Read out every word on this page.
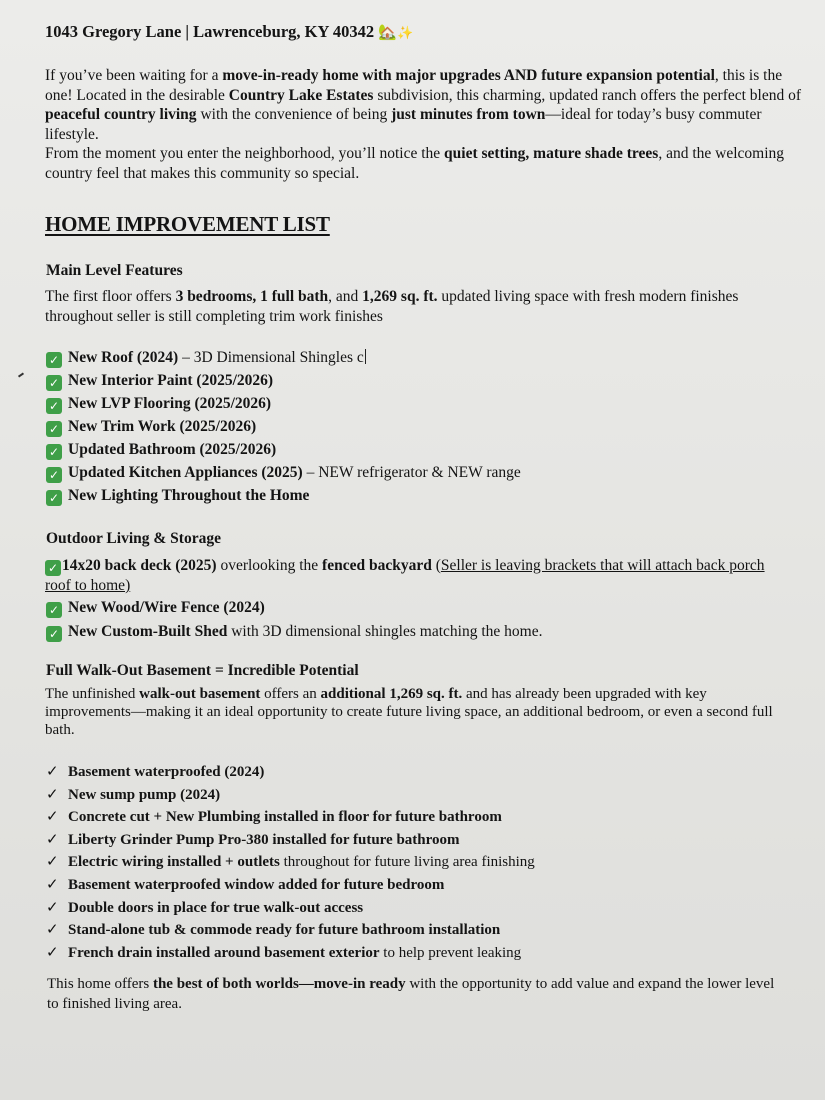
1043 Gregory Lane | Lawrenceburg, KY 40342 🏡✨
If you’ve been waiting for a move-in-ready home with major upgrades AND future expansion potential, this is the one! Located in the desirable Country Lake Estates subdivision, this charming, updated ranch offers the perfect blend of peaceful country living with the convenience of being just minutes from town—ideal for today’s busy commuter lifestyle.
From the moment you enter the neighborhood, you’ll notice the quiet setting, mature shade trees, and the welcoming country feel that makes this community so special.
HOME IMPROVEMENT LIST
Main Level Features
The first floor offers 3 bedrooms, 1 full bath, and 1,269 sq. ft. updated living space with fresh modern finishes throughout seller is still completing trim work finishes
✓ New Roof (2024) – 3D Dimensional Shingles c
✓ New Interior Paint (2025/2026)
✓ New LVP Flooring (2025/2026)
✓ New Trim Work (2025/2026)
✓ Updated Bathroom (2025/2026)
✓ Updated Kitchen Appliances (2025) – NEW refrigerator & NEW range
✓ New Lighting Throughout the Home
Outdoor Living & Storage
✓ 14x20 back deck (2025) overlooking the fenced backyard (Seller is leaving brackets that will attach back porch roof to home)
✓ New Wood/Wire Fence (2024)
✓ New Custom-Built Shed with 3D dimensional shingles matching the home.
Full Walk-Out Basement = Incredible Potential
The unfinished walk-out basement offers an additional 1,269 sq. ft. and has already been upgraded with key improvements—making it an ideal opportunity to create future living space, an additional bedroom, or even a second full bath.
✓ Basement waterproofed (2024)
✓ New sump pump (2024)
✓ Concrete cut + New Plumbing installed in floor for future bathroom
✓ Liberty Grinder Pump Pro-380 installed for future bathroom
✓ Electric wiring installed + outlets throughout for future living area finishing
✓ Basement waterproofed window added for future bedroom
✓ Double doors in place for true walk-out access
✓ Stand-alone tub & commode ready for future bathroom installation
✓ French drain installed around basement exterior to help prevent leaking
This home offers the best of both worlds—move-in ready with the opportunity to add value and expand the lower level to finished living area.
